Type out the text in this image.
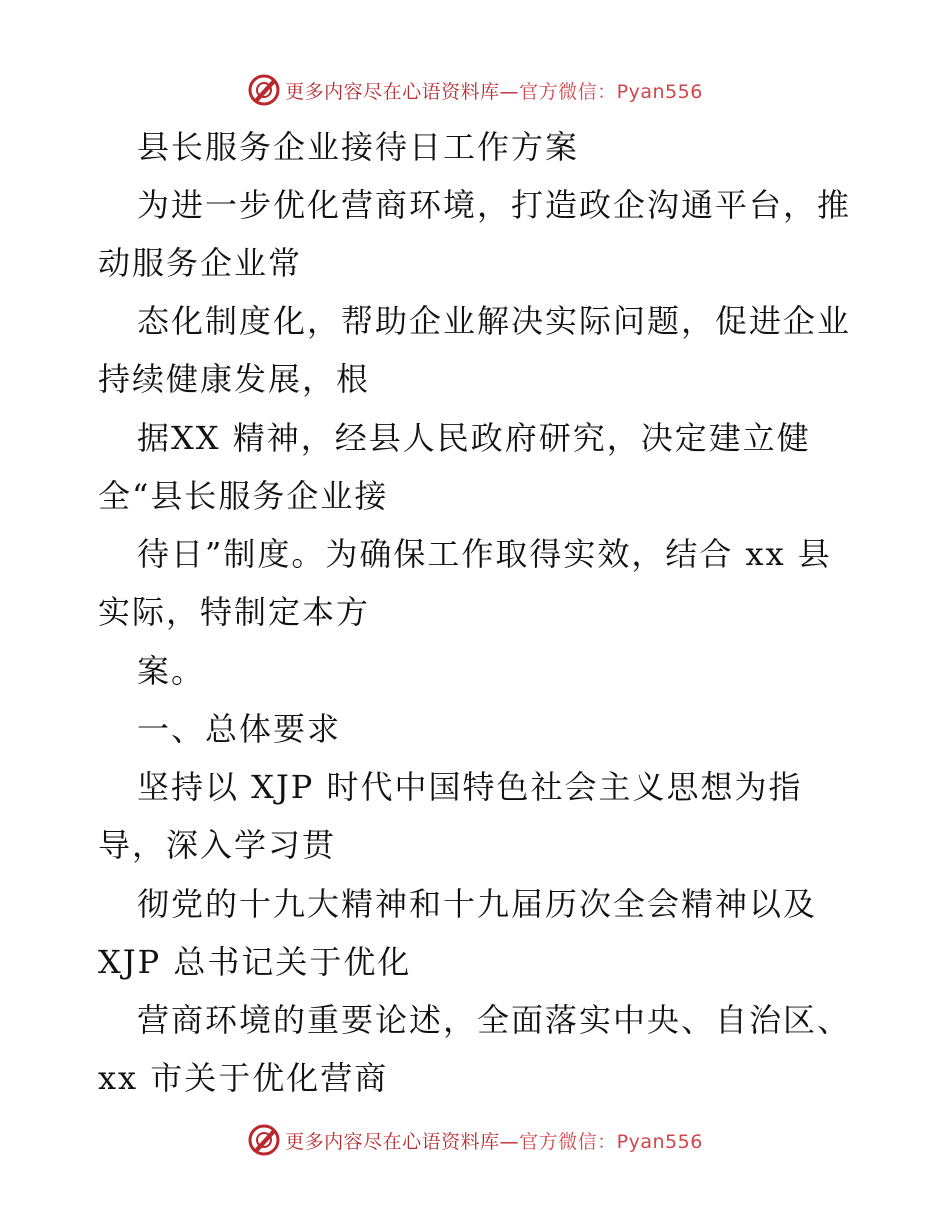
更多内容尽在心语资料库—官方微信：Pyan556
县长服务企业接待日工作方案
为进一步优化营商环境，打造政企沟通平台，推
动服务企业常
态化制度化，帮助企业解决实际问题，促进企业
持续健康发展，根
据XX 精神，经县人民政府研究，决定建立健
全“县长服务企业接
待日”制度。为确保工作取得实效，结合 xx 县
实际，特制定本方
案。
一、总体要求
坚持以 XJP 时代中国特色社会主义思想为指
导，深入学习贯
彻党的十九大精神和十九届历次全会精神以及
XJP 总书记关于优化
营商环境的重要论述，全面落实中央、自治区、
xx 市关于优化营商
更多内容尽在心语资料库—官方微信：Pyan556
